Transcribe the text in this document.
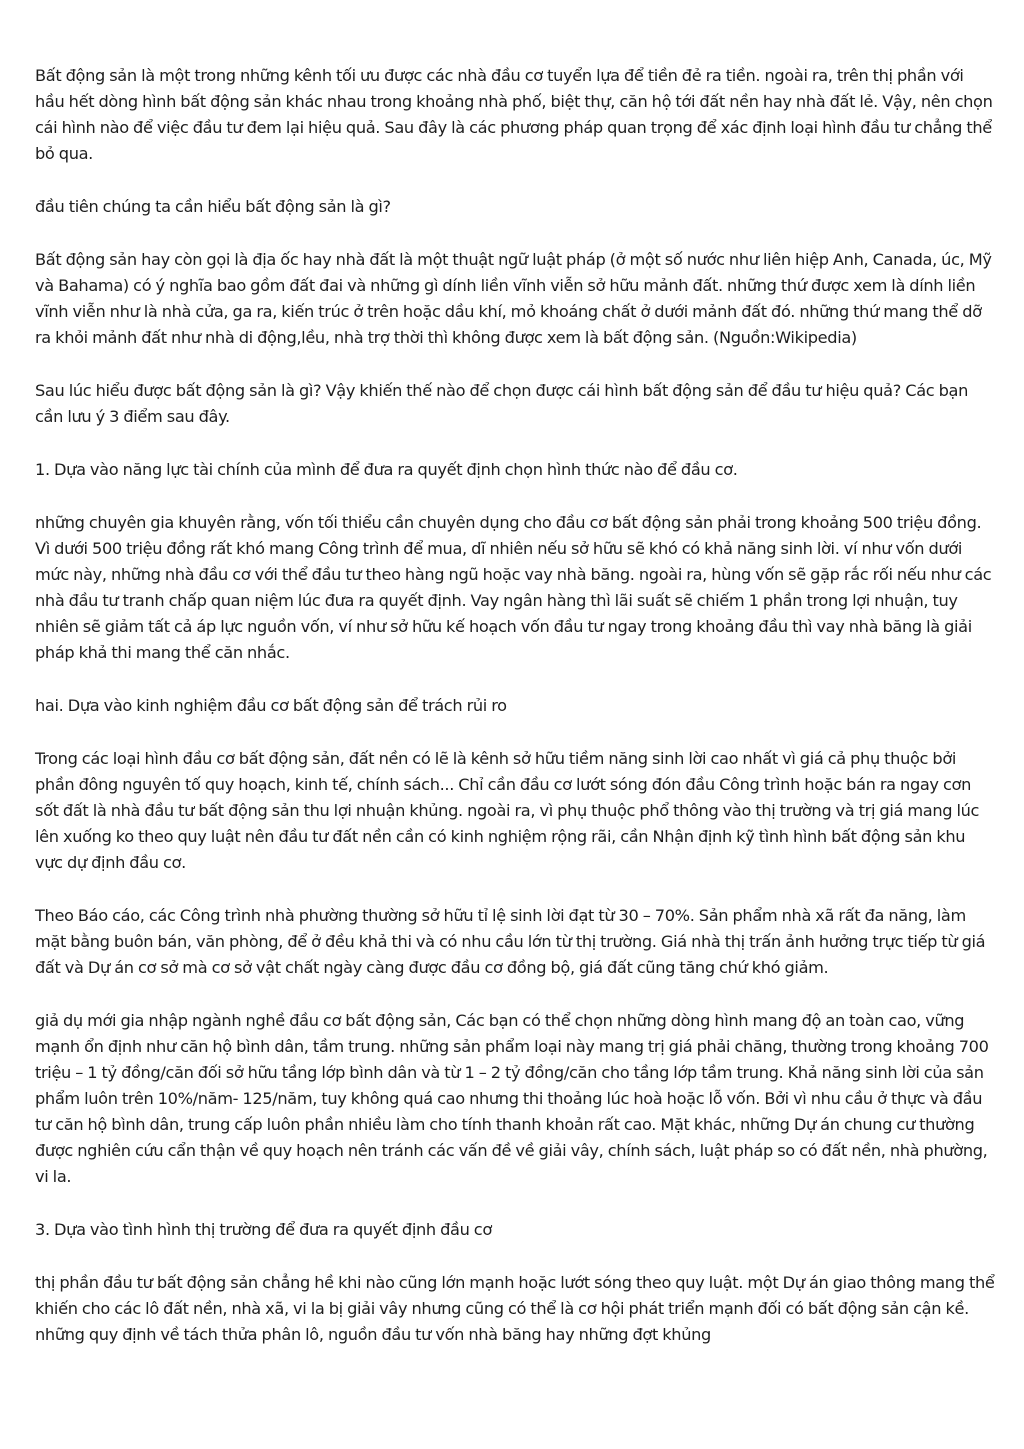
Bất động sản là một trong những kênh tối ưu được các nhà đầu cơ tuyển lựa để tiền đẻ ra tiền. ngoài ra, trên thị phần với hầu hết dòng hình bất động sản khác nhau trong khoảng nhà phố, biệt thự, căn hộ tới đất nền hay nhà đất lẻ. Vậy, nên chọn cái hình nào để việc đầu tư đem lại hiệu quả. Sau đây là các phương pháp quan trọng để xác định loại hình đầu tư chẳng thể bỏ qua.

đầu tiên chúng ta cần hiểu bất động sản là gì?

Bất động sản hay còn gọi là địa ốc hay nhà đất là một thuật ngữ luật pháp (ở một số nước như liên hiệp Anh, Canada, úc, Mỹ và Bahama) có ý nghĩa bao gồm đất đai và những gì dính liền vĩnh viễn sở hữu mảnh đất. những thứ được xem là dính liền vĩnh viễn như là nhà cửa, ga ra, kiến trúc ở trên hoặc dầu khí, mỏ khoáng chất ở dưới mảnh đất đó. những thứ mang thể dỡ ra khỏi mảnh đất như nhà di động,lều, nhà trợ thời thì không được xem là bất động sản. (Nguồn:Wikipedia)

Sau lúc hiểu được bất động sản là gì? Vậy khiến thế nào để chọn được cái hình bất động sản để đầu tư hiệu quả? Các bạn cần lưu ý 3 điểm sau đây.

1. Dựa vào năng lực tài chính của mình để đưa ra quyết định chọn hình thức nào để đầu cơ.

những chuyên gia khuyên rằng, vốn tối thiểu cần chuyên dụng cho đầu cơ bất động sản phải trong khoảng 500 triệu đồng. Vì dưới 500 triệu đồng rất khó mang Công trình để mua, dĩ nhiên nếu sở hữu sẽ khó có khả năng sinh lời. ví như vốn dưới mức này, những nhà đầu cơ với thể đầu tư theo hàng ngũ hoặc vay nhà băng. ngoài ra, hùng vốn sẽ gặp rắc rối nếu như các nhà đầu tư tranh chấp quan niệm lúc đưa ra quyết định. Vay ngân hàng thì lãi suất sẽ chiếm 1 phần trong lợi nhuận, tuy nhiên sẽ giảm tất cả áp lực nguồn vốn, ví như sở hữu kế hoạch vốn đầu tư ngay trong khoảng đầu thì vay nhà băng là giải pháp khả thi mang thể căn nhắc.

hai. Dựa vào kinh nghiệm đầu cơ bất động sản để trách rủi ro

Trong các loại hình đầu cơ bất động sản, đất nền có lẽ là kênh sở hữu tiềm năng sinh lời cao nhất vì giá cả phụ thuộc bởi phần đông nguyên tố quy hoạch, kinh tế, chính sách... Chỉ cần đầu cơ lướt sóng đón đầu Công trình hoặc bán ra ngay cơn sốt đất là nhà đầu tư bất động sản thu lợi nhuận khủng. ngoài ra, vì phụ thuộc phổ thông vào thị trường và trị giá mang lúc lên xuống ko theo quy luật nên đầu tư đất nền cần có kinh nghiệm rộng rãi, cần Nhận định kỹ tình hình bất động sản khu vực dự định đầu cơ.

Theo Báo cáo, các Công trình nhà phường thường sở hữu tỉ lệ sinh lời đạt từ 30 – 70%. Sản phẩm nhà xã rất đa năng, làm mặt bằng buôn bán, văn phòng, để ở đều khả thi và có nhu cầu lớn từ thị trường. Giá nhà thị trấn ảnh hưởng trực tiếp từ giá đất và Dự án cơ sở mà cơ sở vật chất ngày càng được đầu cơ đồng bộ, giá đất cũng tăng chứ khó giảm.

giả dụ mới gia nhập ngành nghề đầu cơ bất động sản, Các bạn có thể chọn những dòng hình mang độ an toàn cao, vững mạnh ổn định như căn hộ bình dân, tầm trung. những sản phẩm loại này mang trị giá phải chăng, thường trong khoảng 700 triệu – 1 tỷ đồng/căn đối sở hữu tầng lớp bình dân và từ 1 – 2 tỷ đồng/căn cho tầng lớp tầm trung. Khả năng sinh lời của sản phẩm luôn trên 10%/năm- 125/năm, tuy không quá cao nhưng thi thoảng lúc hoà hoặc lỗ vốn. Bởi vì nhu cầu ở thực và đầu tư căn hộ bình dân, trung cấp luôn phần nhiều làm cho tính thanh khoản rất cao. Mặt khác, những Dự án chung cư thường được nghiên cứu cẩn thận về quy hoạch nên tránh các vấn đề về giải vây, chính sách, luật pháp so có đất nền, nhà phường, vi la.

3. Dựa vào tình hình thị trường để đưa ra quyết định đầu cơ

thị phần đầu tư bất động sản chẳng hề khi nào cũng lớn mạnh hoặc lướt sóng theo quy luật. một Dự án giao thông mang thể khiến cho các lô đất nền, nhà xã, vi la bị giải vây nhưng cũng có thể là cơ hội phát triển mạnh đối có bất động sản cận kề. những quy định về tách thửa phân lô, nguồn đầu tư vốn nhà băng hay những đợt khủng
